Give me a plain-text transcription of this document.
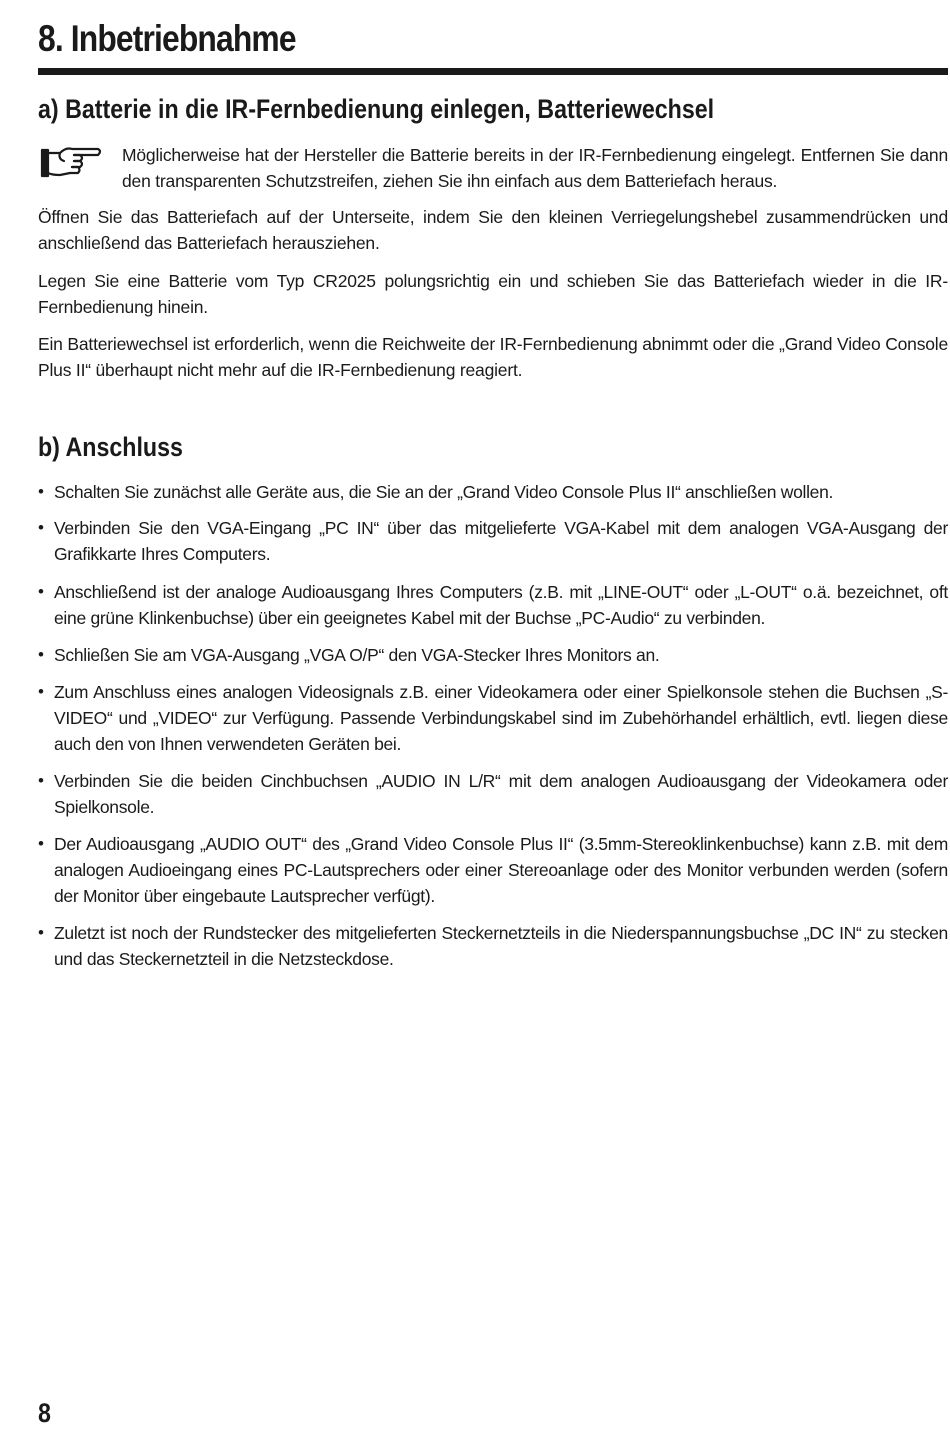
8. Inbetriebnahme
a) Batterie in die IR-Fernbedienung einlegen, Batteriewechsel

Möglicherweise hat der Hersteller die Batterie bereits in der IR-Fernbedienung eingelegt. Entfernen Sie dann den transparenten Schutzstreifen, ziehen Sie ihn einfach aus dem Batteriefach heraus.

Öffnen Sie das Batteriefach auf der Unterseite, indem Sie den kleinen Verriegelungshebel zusammendrücken und anschließend das Batteriefach herausziehen.

Legen Sie eine Batterie vom Typ CR2025 polungsrichtig ein und schieben Sie das Batteriefach wieder in die IR-Fernbedienung hinein.

Ein Batteriewechsel ist erforderlich, wenn die Reichweite der IR-Fernbedienung abnimmt oder die „Grand Video Console Plus II“ überhaupt nicht mehr auf die IR-Fernbedienung reagiert.

b) Anschluss
• Schalten Sie zunächst alle Geräte aus, die Sie an der „Grand Video Console Plus II“ anschließen wollen.

• Verbinden Sie den VGA-Eingang „PC IN“ über das mitgelieferte VGA-Kabel mit dem analogen VGA-Ausgang der Grafikkarte Ihres Computers.

• Anschließend ist der analoge Audioausgang Ihres Computers (z.B. mit „LINE-OUT“ oder „L-OUT“ o.ä. bezeichnet, oft eine grüne Klinkenbuchse) über ein geeignetes Kabel mit der Buchse „PC-Audio“ zu verbinden.

• Schließen Sie am VGA-Ausgang „VGA O/P“ den VGA-Stecker Ihres Monitors an.

• Zum Anschluss eines analogen Videosignals z.B. einer Videokamera oder einer Spielkonsole stehen die Buchsen „S-VIDEO“ und „VIDEO“ zur Verfügung. Passende Verbindungskabel sind im Zubehörhandel erhältlich, evtl. liegen diese auch den von Ihnen verwendeten Geräten bei.

• Verbinden Sie die beiden Cinchbuchsen „AUDIO IN L/R“ mit dem analogen Audioausgang der Videokamera oder Spielkonsole.

• Der Audioausgang „AUDIO OUT“ des „Grand Video Console Plus II“ (3.5mm-Stereoklinkenbuchse) kann z.B. mit dem analogen Audioeingang eines PC-Lautsprechers oder einer Stereoanlage oder des Monitor verbunden werden (sofern der Monitor über eingebaute Lautsprecher verfügt).

• Zuletzt ist noch der Rundstecker des mitgelieferten Steckernetzteils in die Niederspannungsbuchse „DC IN“ zu stecken und das Steckernetzteil in die Netzsteckdose.

8
